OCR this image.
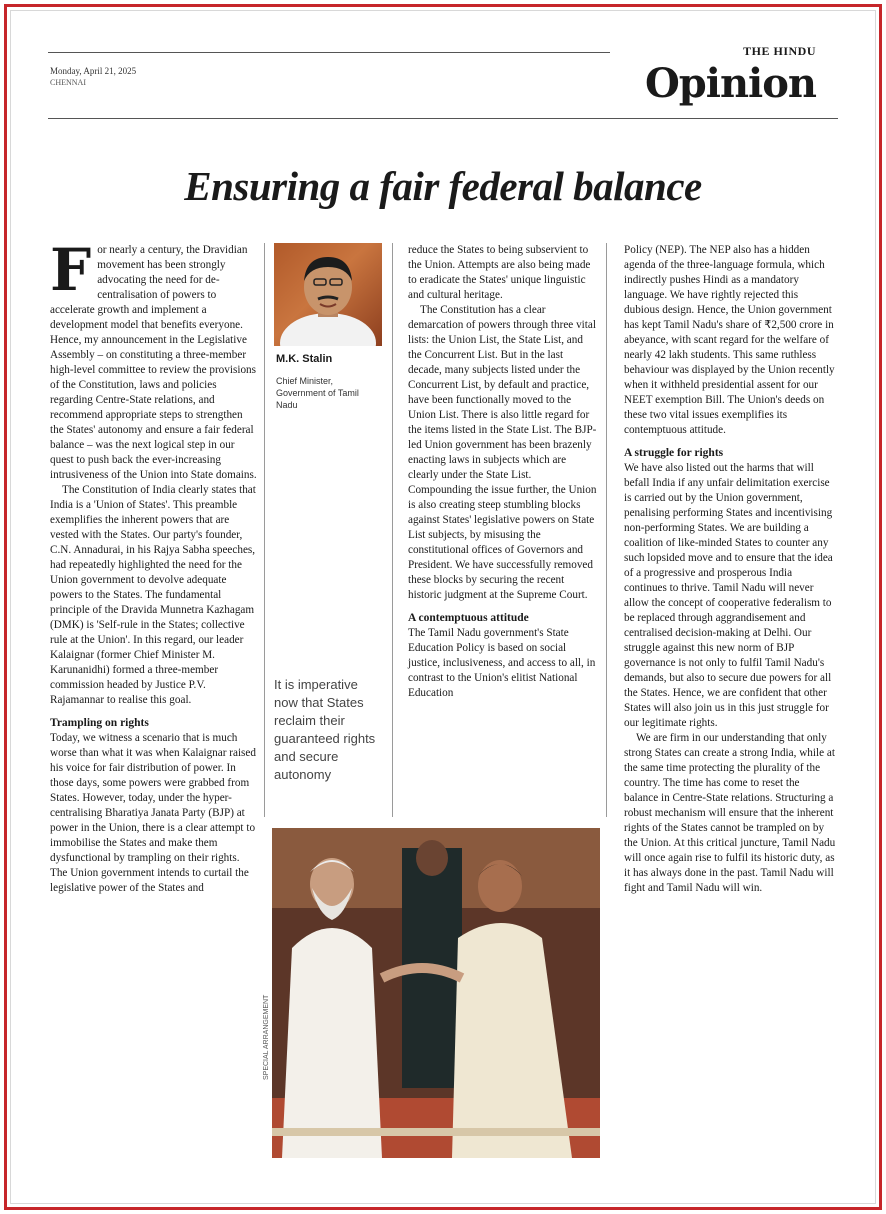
Monday, April 21, 2025
CHENNAI
THE HINDU
Opinion
Ensuring a fair federal balance

For nearly a century, the Dravidian movement has been strongly advocating the need for de-centralisation of powers to accelerate growth and implement a development model that benefits everyone. Hence, my announcement in the Legislative Assembly – on constituting a three-member high-level committee to review the provisions of the Constitution, laws and policies regarding Centre-State relations, and recommend appropriate steps to strengthen the States' autonomy and ensure a fair federal balance – was the next logical step in our quest to push back the ever-increasing intrusiveness of the Union into State domains.

The Constitution of India clearly states that India is a 'Union of States'. This preamble exemplifies the inherent powers that are vested with the States. Our party's founder, C.N. Annadurai, in his Rajya Sabha speeches, had repeatedly highlighted the need for the Union government to devolve adequate powers to the States. The fundamental principle of the Dravida Munnetra Kazhagam (DMK) is 'Self-rule in the States; collective rule at the Union'. In this regard, our leader Kalaignar (former Chief Minister M. Karunanidhi) formed a three-member commission headed by Justice P.V. Rajamannar to realise this goal.

Trampling on rights

Today, we witness a scenario that is much worse than what it was when Kalaignar raised his voice for fair distribution of power. In those days, some powers were grabbed from States. However, today, under the hyper-centralising Bharatiya Janata Party (BJP) at power in the Union, there is a clear attempt to immobilise the States and make them dysfunctional by trampling on their rights. The Union government intends to curtail the legislative power of the States and

M.K. Stalin
Chief Minister, Government of Tamil Nadu
It is imperative now that States reclaim their guaranteed rights and secure autonomy

reduce the States to being subservient to the Union. Attempts are also being made to eradicate the States' unique linguistic and cultural heritage.

The Constitution has a clear demarcation of powers through three vital lists: the Union List, the State List, and the Concurrent List. But in the last decade, many subjects listed under the Concurrent List, by default and practice, have been functionally moved to the Union List. There is also little regard for the items listed in the State List. The BJP-led Union government has been brazenly enacting laws in subjects which are clearly under the State List. Compounding the issue further, the Union is also creating steep stumbling blocks against States' legislative powers on State List subjects, by misusing the constitutional offices of Governors and President. We have successfully removed these blocks by securing the recent historic judgment at the Supreme Court.

A contemptuous attitude

The Tamil Nadu government's State Education Policy is based on social justice, inclusiveness, and access to all, in contrast to the Union's elitist National Education

Policy (NEP). The NEP also has a hidden agenda of the three-language formula, which indirectly pushes Hindi as a mandatory language. We have rightly rejected this dubious design. Hence, the Union government has kept Tamil Nadu's share of ₹2,500 crore in abeyance, with scant regard for the welfare of nearly 42 lakh students. This same ruthless behaviour was displayed by the Union recently when it withheld presidential assent for our NEET exemption Bill. The Union's deeds on these two vital issues exemplifies its contemptuous attitude.

A struggle for rights

We have also listed out the harms that will befall India if any unfair delimitation exercise is carried out by the Union government, penalising performing States and incentivising non-performing States. We are building a coalition of like-minded States to counter any such lopsided move and to ensure that the idea of a progressive and prosperous India continues to thrive. Tamil Nadu will never allow the concept of cooperative federalism to be replaced through aggrandisement and centralised decision-making at Delhi. Our struggle against this new norm of BJP governance is not only to fulfil Tamil Nadu's demands, but also to secure due powers for all the States. Hence, we are confident that other States will also join us in this just struggle for our legitimate rights.

We are firm in our understanding that only strong States can create a strong India, while at the same time protecting the plurality of the country. The time has come to reset the balance in Centre-State relations. Structuring a robust mechanism will ensure that the inherent rights of the States cannot be trampled on by the Union. At this critical juncture, Tamil Nadu will once again rise to fulfil its historic duty, as it has always done in the past. Tamil Nadu will fight and Tamil Nadu will win.

SPECIAL ARRANGEMENT
